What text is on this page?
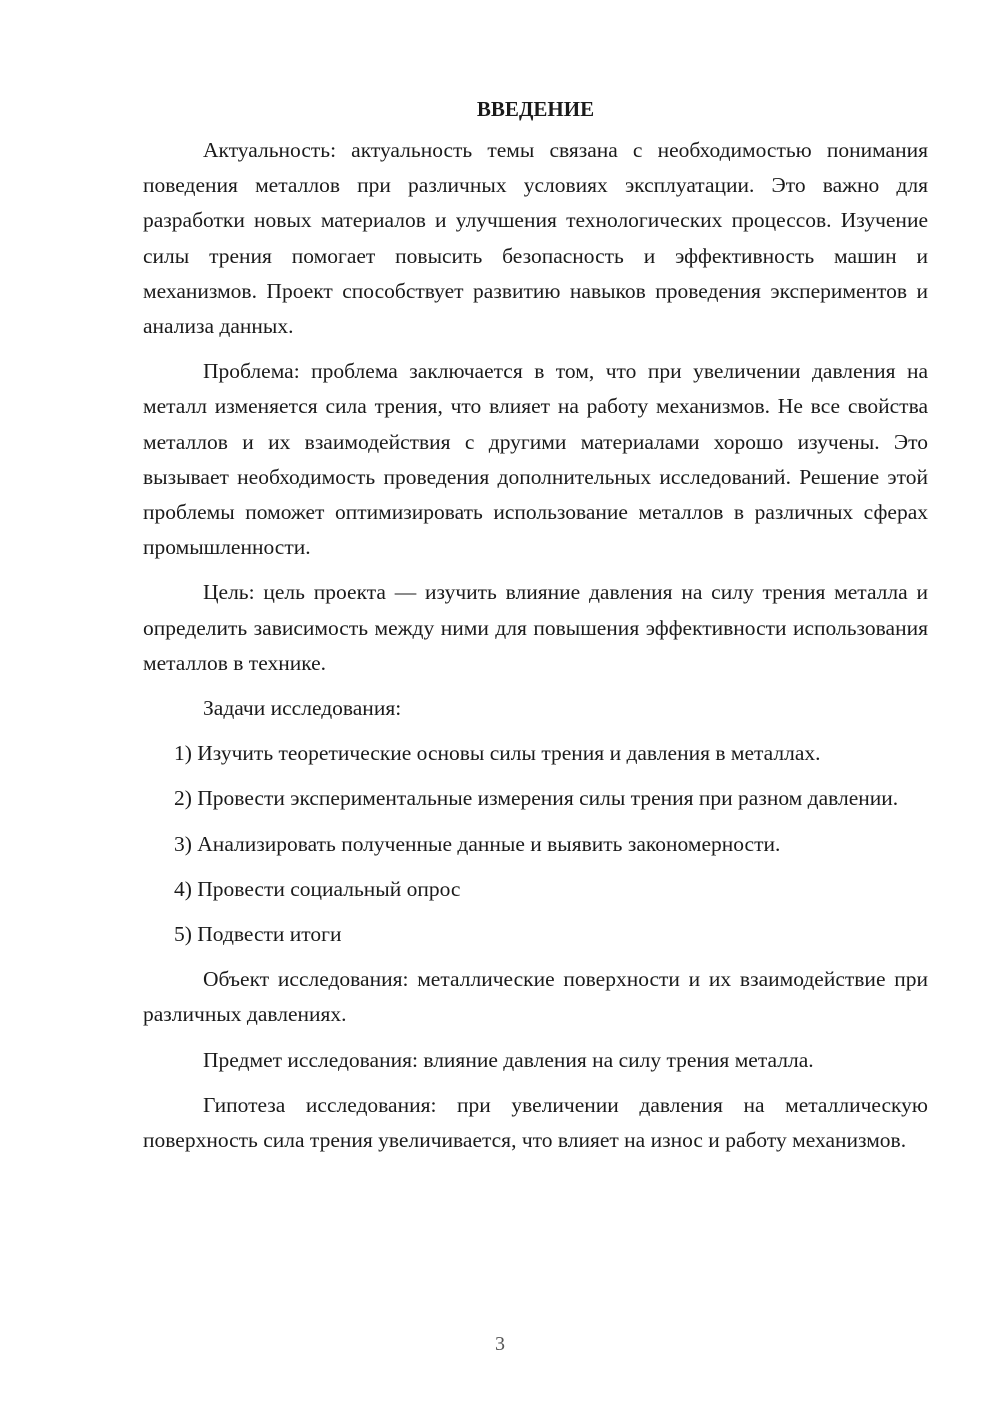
ВВЕДЕНИЕ

Актуальность: актуальность темы связана с необходимостью понимания поведения металлов при различных условиях эксплуатации. Это важно для разработки новых материалов и улучшения технологических процессов. Изучение силы трения помогает повысить безопасность и эффективность машин и механизмов. Проект способствует развитию навыков проведения экспериментов и анализа данных.

Проблема: проблема заключается в том, что при увеличении давления на металл изменяется сила трения, что влияет на работу механизмов. Не все свойства металлов и их взаимодействия с другими материалами хорошо изучены. Это вызывает необходимость проведения дополнительных исследований. Решение этой проблемы поможет оптимизировать использование металлов в различных сферах промышленности.

Цель: цель проекта — изучить влияние давления на силу трения металла и определить зависимость между ними для повышения эффективности использования металлов в технике.

Задачи исследования:

1) Изучить теоретические основы силы трения и давления в металлах.

2) Провести экспериментальные измерения силы трения при разном давлении.

3) Анализировать полученные данные и выявить закономерности.

4) Провести социальный опрос

5) Подвести итоги

Объект исследования: металлические поверхности и их взаимодействие при различных давлениях.

Предмет исследования: влияние давления на силу трения металла.

Гипотеза исследования: при увеличении давления на металлическую поверхность сила трения увеличивается, что влияет на износ и работу механизмов.

3
